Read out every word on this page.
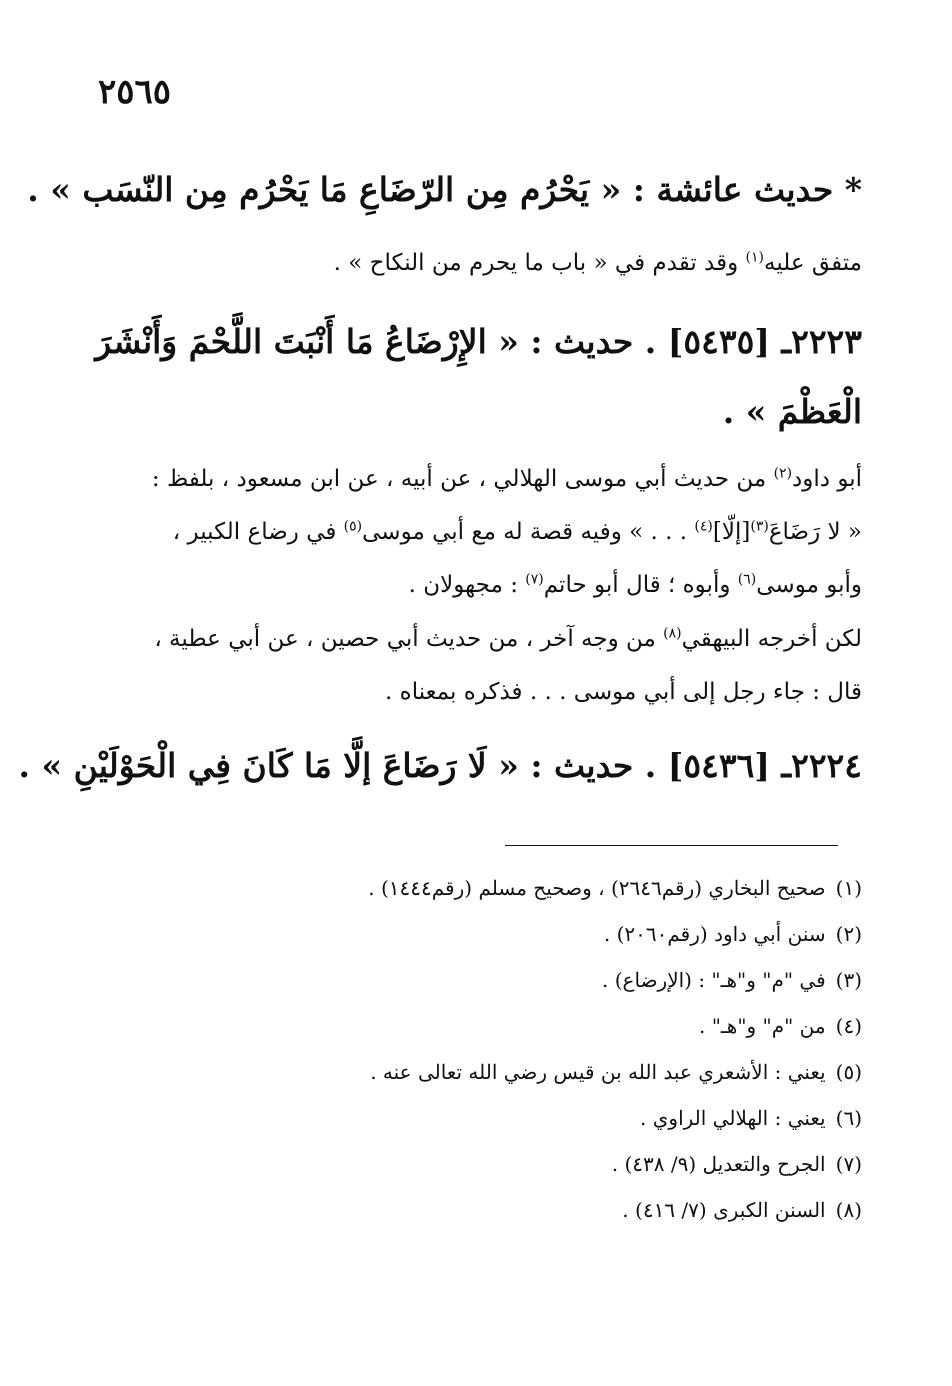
٢٥٦٥
* حديث عائشة : « يَحْرُم مِن الرّضَاعِ مَا يَحْرُم مِن النّسَب » .
متفق عليه$^{(١)}$ وقد تقدم في « باب ما يحرم من النكاح » .
٢٢٢٣ـ [٥٤٣٥] . حديث : « الإِرْضَاعُ مَا أَنْبَتَ اللَّحْمَ وَأَنْشَرَ
الْعَظْمَ » .
أبو داود$^{(٢)}$ من حديث أبي موسى الهلالي ، عن أبيه ، عن ابن مسعود ، بلفظ :
« لا رَضَاعَ$^{(٣)}$[إلّا]$^{(٤)}$ . . . » وفيه قصة له مع أبي موسى$^{(٥)}$ في رضاع الكبير ،
وأبو موسى$^{(٦)}$ وأبوه ؛ قال أبو حاتم$^{(٧)}$ : مجهولان .
لكن أخرجه البيهقي$^{(٨)}$ من وجه آخر ، من حديث أبي حصين ، عن أبي عطية ،
قال : جاء رجل إلى أبي موسى . . . فذكره بمعناه .
٢٢٢٤ـ [٥٤٣٦] . حديث : « لَا رَضَاعَ إلَّا مَا كَانَ فِي الْحَوْلَيْنِ » .
(١)صحيح البخاري (رقم٢٦٤٦) ، وصحيح مسلم (رقم١٤٤٤) .
(٢)سنن أبي داود (رقم٢٠٦٠) .
(٣)في "م" و"هـ" : (الإرضاع) .
(٤)من "م" و"هـ" .
(٥)يعني : الأشعري عبد الله بن قيس رضي الله تعالى عنه .
(٦)يعني : الهلالي الراوي .
(٧)الجرح والتعديل (٩/ ٤٣٨) .
(٨)السنن الكبرى (٧/ ٤١٦) .
